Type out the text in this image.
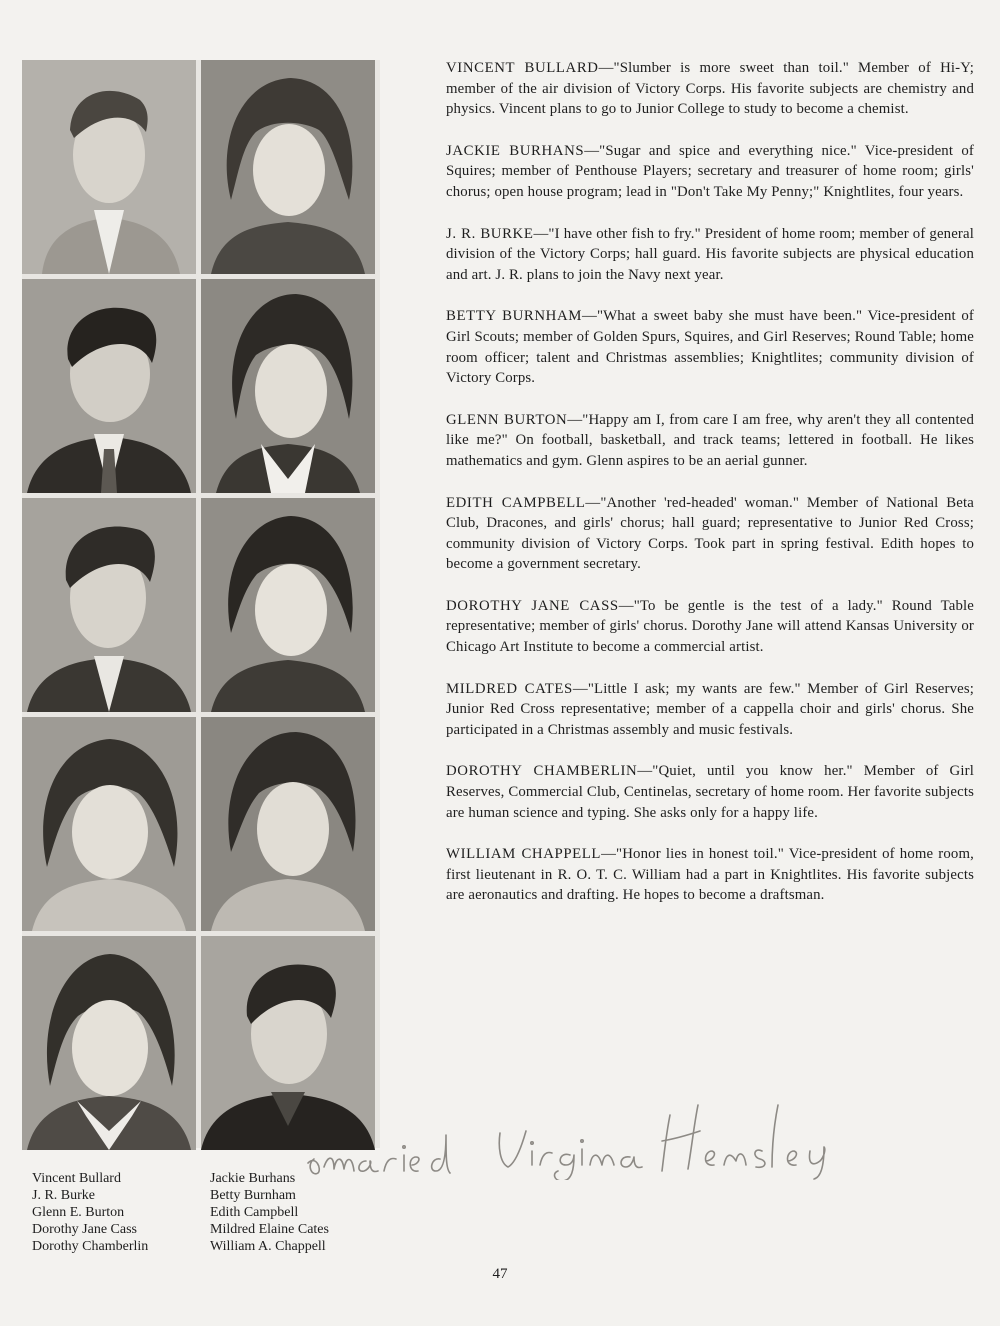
Vincent Bullard
J. R. Burke
Glenn E. Burton
Dorothy Jane Cass
Dorothy Chamberlin
Jackie Burhans
Betty Burnham
Edith Campbell
Mildred Elaine Cates
William A. Chappell

VINCENT BULLARD—"Slumber is more sweet than toil." Member of Hi-Y; member of the air division of Victory Corps. His favorite subjects are chemistry and physics. Vincent plans to go to Junior College to study to become a chemist.

JACKIE BURHANS—"Sugar and spice and everything nice." Vice-president of Squires; member of Penthouse Players; secretary and treasurer of home room; girls' chorus; open house program; lead in "Don't Take My Penny;" Knightlites, four years.

J. R. BURKE—"I have other fish to fry." President of home room; member of general division of the Victory Corps; hall guard. His favorite subjects are physical education and art. J. R. plans to join the Navy next year.

BETTY BURNHAM—"What a sweet baby she must have been." Vice-president of Girl Scouts; member of Golden Spurs, Squires, and Girl Reserves; Round Table; home room officer; talent and Christmas assemblies; Knightlites; community division of Victory Corps.

GLENN BURTON—"Happy am I, from care I am free, why aren't they all contented like me?" On football, basketball, and track teams; lettered in football. He likes mathematics and gym. Glenn aspires to be an aerial gunner.

EDITH CAMPBELL—"Another 'red-headed' woman." Member of National Beta Club, Dracones, and girls' chorus; hall guard; representative to Junior Red Cross; community division of Victory Corps. Took part in spring festival. Edith hopes to become a government secretary.

DOROTHY JANE CASS—"To be gentle is the test of a lady." Round Table representative; member of girls' chorus. Dorothy Jane will attend Kansas University or Chicago Art Institute to become a commercial artist.

MILDRED CATES—"Little I ask; my wants are few." Member of Girl Reserves; Junior Red Cross representative; member of a cappella choir and girls' chorus. She participated in a Christmas assembly and music festivals.

DOROTHY CHAMBERLIN—"Quiet, until you know her." Member of Girl Reserves, Commercial Club, Centinelas, secretary of home room. Her favorite subjects are human science and typing. She asks only for a happy life.

WILLIAM CHAPPELL—"Honor lies in honest toil." Vice-president of home room, first lieutenant in R. O. T. C. William had a part in Knightlites. His favorite subjects are aeronautics and drafting. He hopes to become a draftsman.

47
